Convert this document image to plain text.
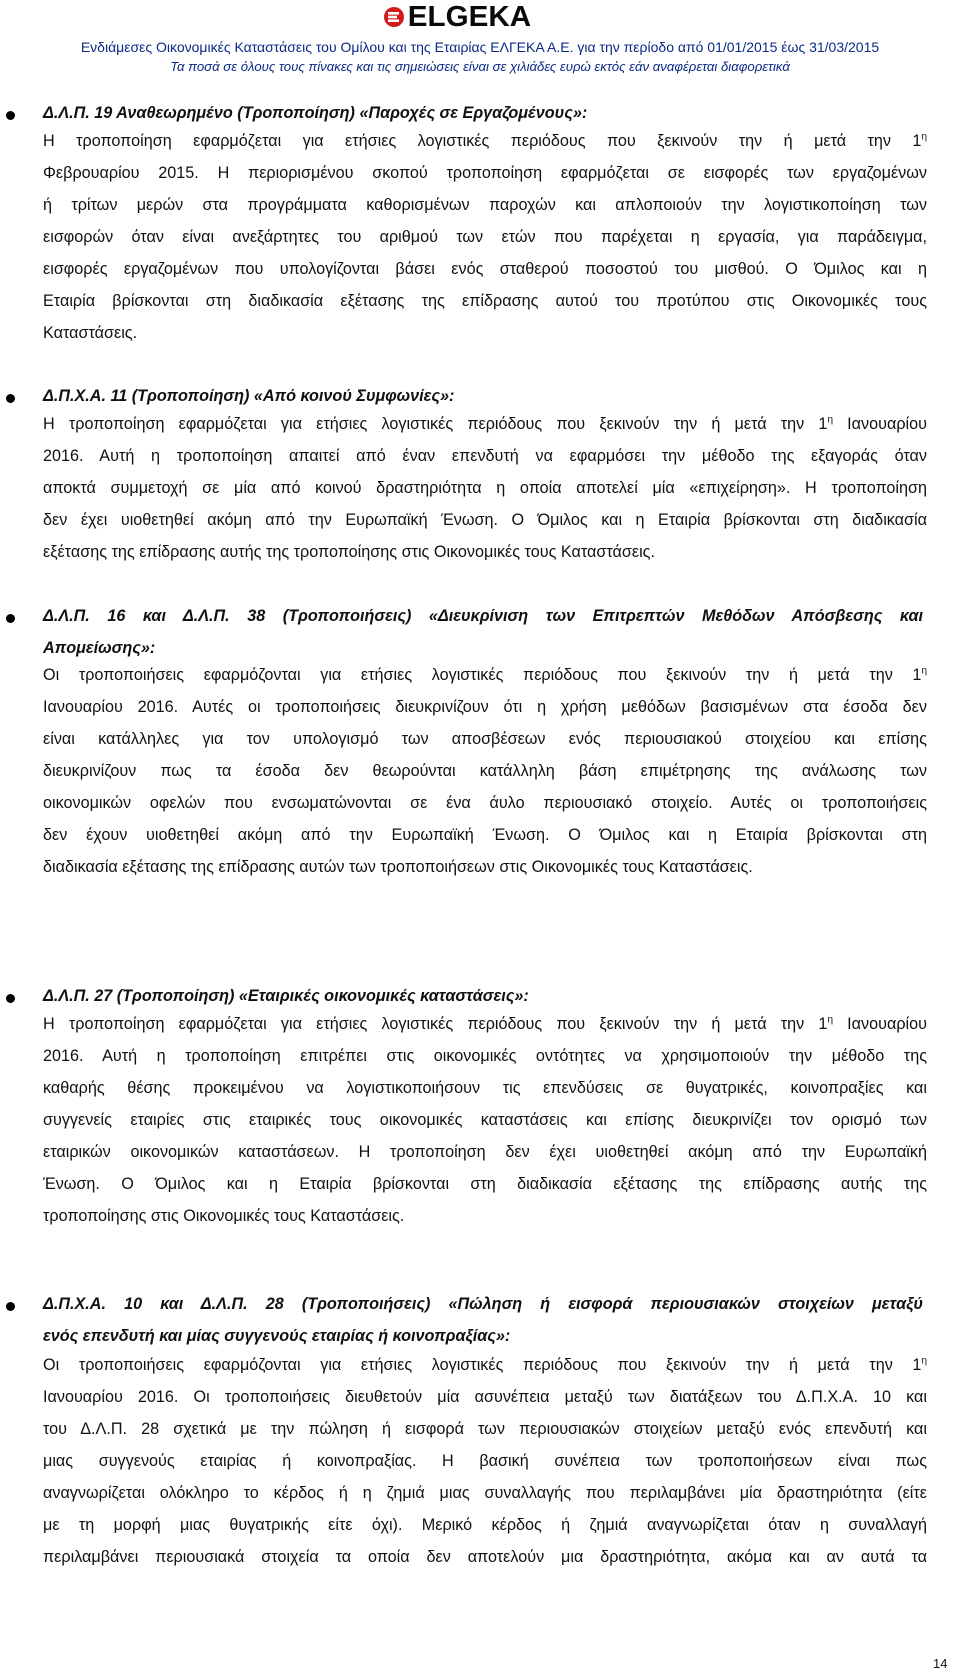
ELGEKA
Ενδιάμεσες Οικονομικές Καταστάσεις του Ομίλου και της Εταιρίας ΕΛΓΕΚΑ Α.Ε. για την περίοδο από 01/01/2015 έως 31/03/2015
Τα ποσά σε όλους τους πίνακες και τις σημειώσεις είναι σε χιλιάδες ευρώ εκτός εάν αναφέρεται διαφορετικά
Δ.Λ.Π. 19 Αναθεωρημένο (Τροποποίηση) «Παροχές σε Εργαζομένους»:
Η τροποποίηση εφαρμόζεται για ετήσιες λογιστικές περιόδους που ξεκινούν την ή μετά την $1^\eta$
Φεβρουαρίου 2015. Η περιορισμένου σκοπού τροποποίηση εφαρμόζεται σε εισφορές των εργαζομένων
ή τρίτων μερών στα προγράμματα καθορισμένων παροχών και απλοποιούν την λογιστικοποίηση των
εισφορών όταν είναι ανεξάρτητες του αριθμού των ετών που παρέχεται η εργασία, για παράδειγμα,
εισφορές εργαζομένων που υπολογίζονται βάσει ενός σταθερού ποσοστού του μισθού. Ο Όμιλος και η
Εταιρία βρίσκονται στη διαδικασία εξέτασης της επίδρασης αυτού του προτύπου στις Οικονομικές τους
Καταστάσεις.
Δ.Π.Χ.Α. 11 (Τροποποίηση) «Από κοινού Συμφωνίες»:
Η τροποποίηση εφαρμόζεται για ετήσιες λογιστικές περιόδους που ξεκινούν την ή μετά την $1^\eta$ Ιανουαρίου
2016. Αυτή η τροποποίηση απαιτεί από έναν επενδυτή να εφαρμόσει την μέθοδο της εξαγοράς όταν
αποκτά συμμετοχή σε μία από κοινού δραστηριότητα η οποία αποτελεί μία «επιχείρηση». Η τροποποίηση
δεν έχει υιοθετηθεί ακόμη από την Ευρωπαϊκή Ένωση. Ο Όμιλος και η Εταιρία βρίσκονται στη διαδικασία
εξέτασης της επίδρασης αυτής της τροποποίησης στις Οικονομικές τους Καταστάσεις.
Δ.Λ.Π. 16 και Δ.Λ.Π. 38 (Τροποποιήσεις) «Διευκρίνιση των Επιτρεπτών Μεθόδων Απόσβεσης και
Απομείωσης»:
Οι τροποποιήσεις εφαρμόζονται για ετήσιες λογιστικές περιόδους που ξεκινούν την ή μετά την $1^\eta$
Ιανουαρίου 2016. Αυτές οι τροποποιήσεις διευκρινίζουν ότι η χρήση μεθόδων βασισμένων στα έσοδα δεν
είναι κατάλληλες για τον υπολογισμό των αποσβέσεων ενός περιουσιακού στοιχείου και επίσης
διευκρινίζουν πως τα έσοδα δεν θεωρούνται κατάλληλη βάση επιμέτρησης της ανάλωσης των
οικονομικών οφελών που ενσωματώνονται σε ένα άυλο περιουσιακό στοιχείο. Αυτές οι τροποποιήσεις
δεν έχουν υιοθετηθεί ακόμη από την Ευρωπαϊκή Ένωση. Ο Όμιλος και η Εταιρία βρίσκονται στη
διαδικασία εξέτασης της επίδρασης αυτών των τροποποιήσεων στις Οικονομικές τους Καταστάσεις.
Δ.Λ.Π. 27 (Τροποποίηση) «Εταιρικές οικονομικές καταστάσεις»:
Η τροποποίηση εφαρμόζεται για ετήσιες λογιστικές περιόδους που ξεκινούν την ή μετά την $1^\eta$ Ιανουαρίου
2016. Αυτή η τροποποίηση επιτρέπει στις οικονομικές οντότητες να χρησιμοποιούν την μέθοδο της
καθαρής θέσης προκειμένου να λογιστικοποιήσουν τις επενδύσεις σε θυγατρικές, κοινοπραξίες και
συγγενείς εταιρίες στις εταιρικές τους οικονομικές καταστάσεις και επίσης διευκρινίζει τον ορισμό των
εταιρικών οικονομικών καταστάσεων. Η τροποποίηση δεν έχει υιοθετηθεί ακόμη από την Ευρωπαϊκή
Ένωση. Ο Όμιλος και η Εταιρία βρίσκονται στη διαδικασία εξέτασης της επίδρασης αυτής της
τροποποίησης στις Οικονομικές τους Καταστάσεις.
Δ.Π.Χ.Α. 10 και Δ.Λ.Π. 28 (Τροποποιήσεις) «Πώληση ή εισφορά περιουσιακών στοιχείων μεταξύ
ενός επενδυτή και μίας συγγενούς εταιρίας ή κοινοπραξίας»:
Οι τροποποιήσεις εφαρμόζονται για ετήσιες λογιστικές περιόδους που ξεκινούν την ή μετά την $1^\eta$
Ιανουαρίου 2016. Οι τροποποιήσεις διευθετούν μία ασυνέπεια μεταξύ των διατάξεων του Δ.Π.Χ.Α. 10 και
του Δ.Λ.Π. 28 σχετικά με την πώληση ή εισφορά των περιουσιακών στοιχείων μεταξύ ενός επενδυτή και
μιας συγγενούς εταιρίας ή κοινοπραξίας. Η βασική συνέπεια των τροποποιήσεων είναι πως
αναγνωρίζεται ολόκληρο το κέρδος ή η ζημιά μιας συναλλαγής που περιλαμβάνει μία δραστηριότητα (είτε
με τη μορφή μιας θυγατρικής είτε όχι). Μερικό κέρδος ή ζημιά αναγνωρίζεται όταν η συναλλαγή
περιλαμβάνει περιουσιακά στοιχεία τα οποία δεν αποτελούν μια δραστηριότητα, ακόμα και αν αυτά τα
14
